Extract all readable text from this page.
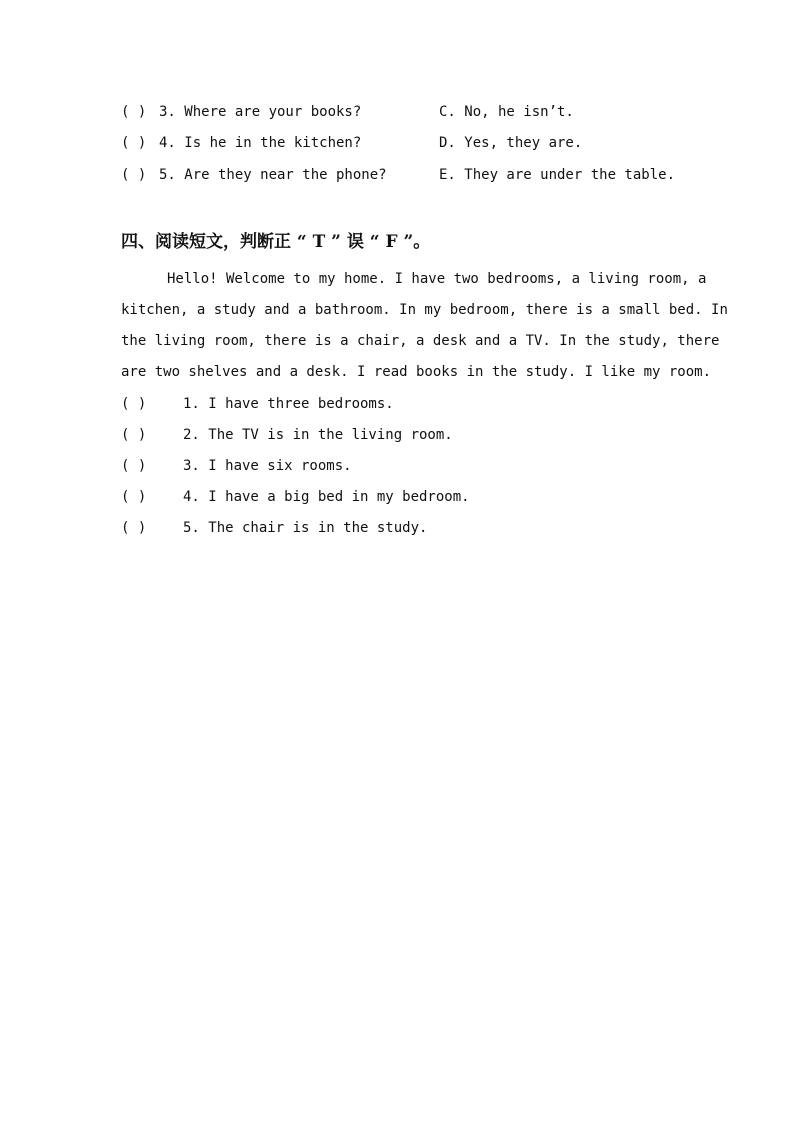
( ) 3. Where are your books?	C. No, he isn’t.
( ) 4. Is he in the kitchen?	D. Yes, they are.
( ) 5. Are they near the phone?	E. They are under the table.
四、阅读短文，判断正 “ T ” 误 “ F ”。
Hello! Welcome to my home. I have two bedrooms, a living room, a
kitchen, a study and a bathroom. In my bedroom, there is a small bed. In
the living room, there is a chair, a desk and a TV. In the study, there
are two shelves and a desk. I read books in the study. I like my room.
( )	1. I have three bedrooms.
( )	2. The TV is in the living room.
( )	3. I have six rooms.
( )	4. I have a big bed in my bedroom.
( )	5. The chair is in the study.
